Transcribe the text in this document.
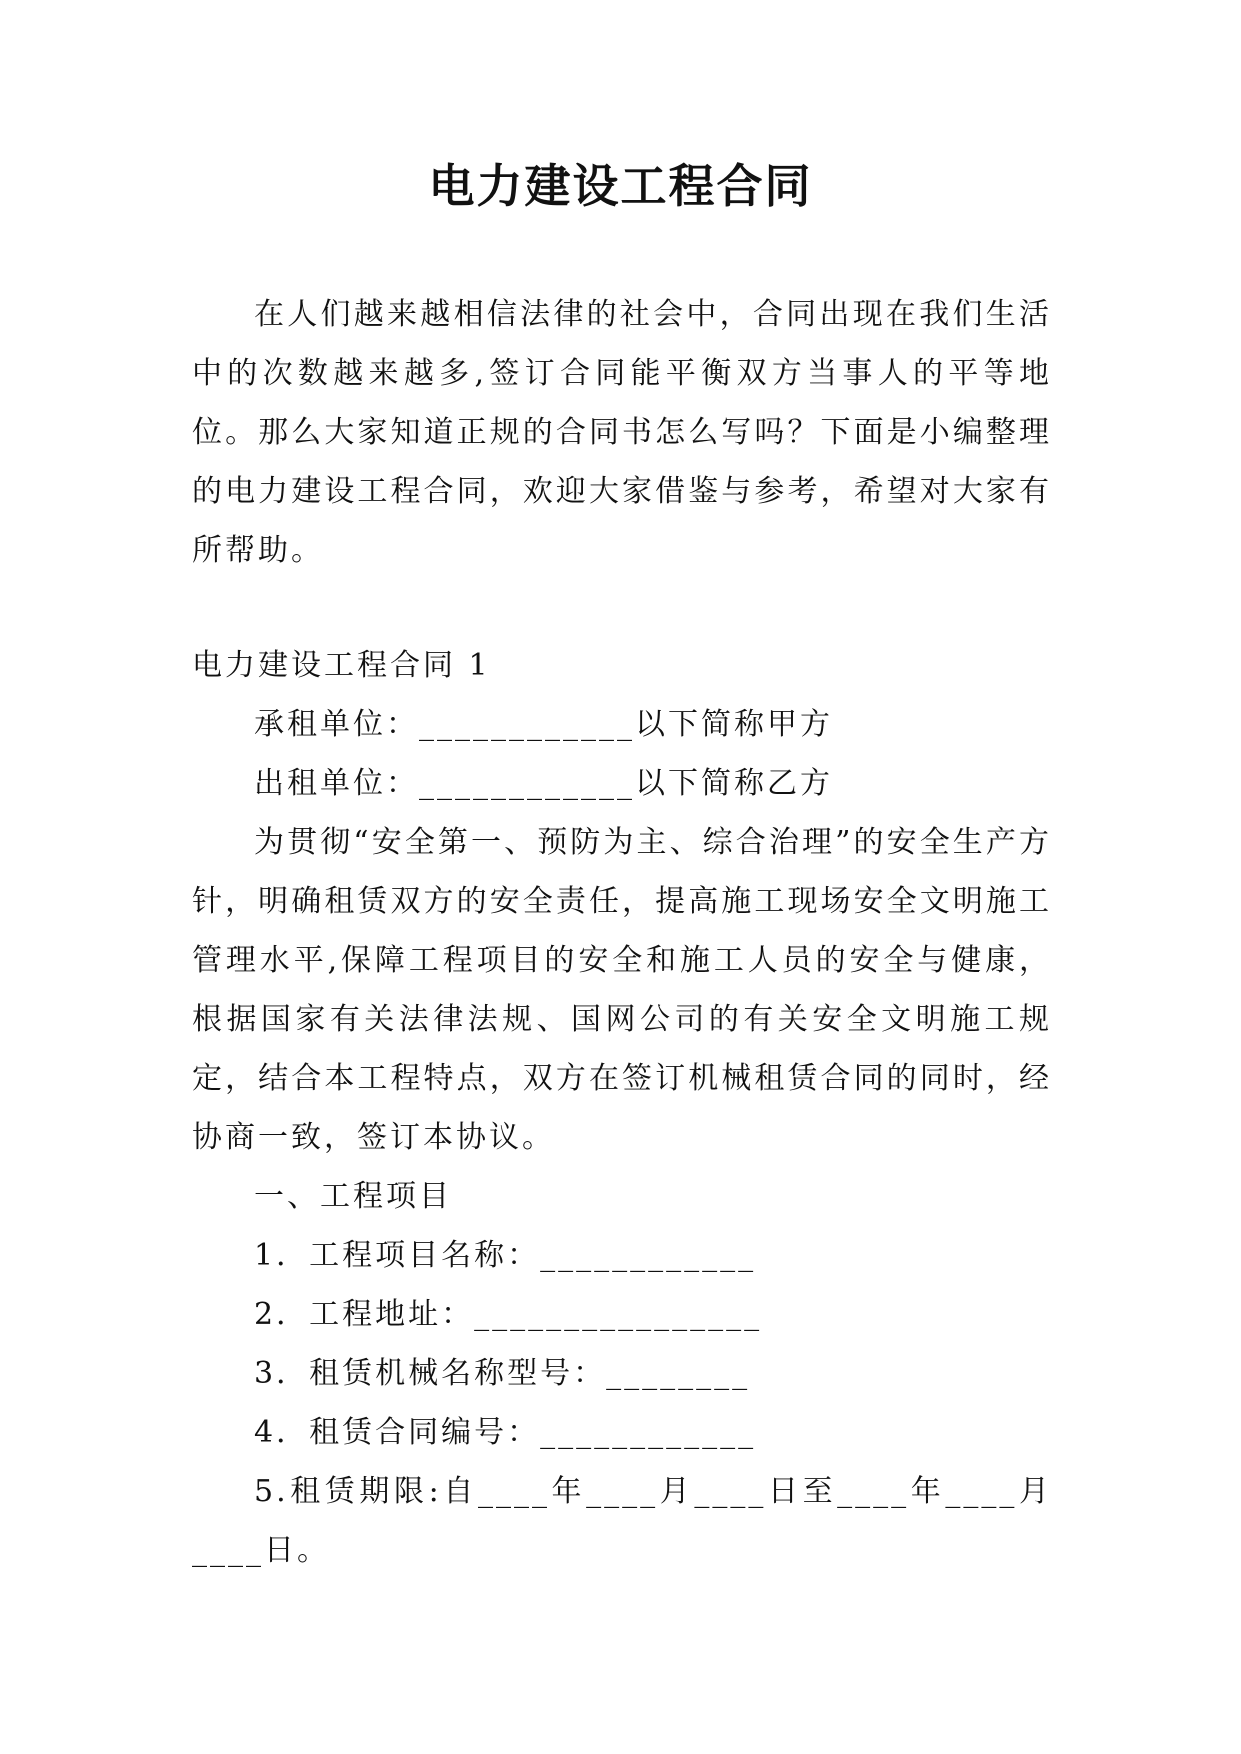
电力建设工程合同

在人们越来越相信法律的社会中，合同出现在我们生活中的次数越来越多,签订合同能平衡双方当事人的平等地位。那么大家知道正规的合同书怎么写吗？下面是小编整理的电力建设工程合同，欢迎大家借鉴与参考，希望对大家有所帮助。

电力建设工程合同 1

承租单位：____________以下简称甲方

出租单位：____________以下简称乙方

为贯彻“安全第一、预防为主、综合治理”的安全生产方针，明确租赁双方的安全责任，提高施工现场安全文明施工管理水平,保障工程项目的安全和施工人员的安全与健康，根据国家有关法律法规、国网公司的有关安全文明施工规定，结合本工程特点，双方在签订机械租赁合同的同时，经协商一致，签订本协议。

一、工程项目

1．工程项目名称：____________

2．工程地址：________________

3．租赁机械名称型号：________

4．租赁合同编号：____________

5.租赁期限:自____年____月____日至____年____月____日。
